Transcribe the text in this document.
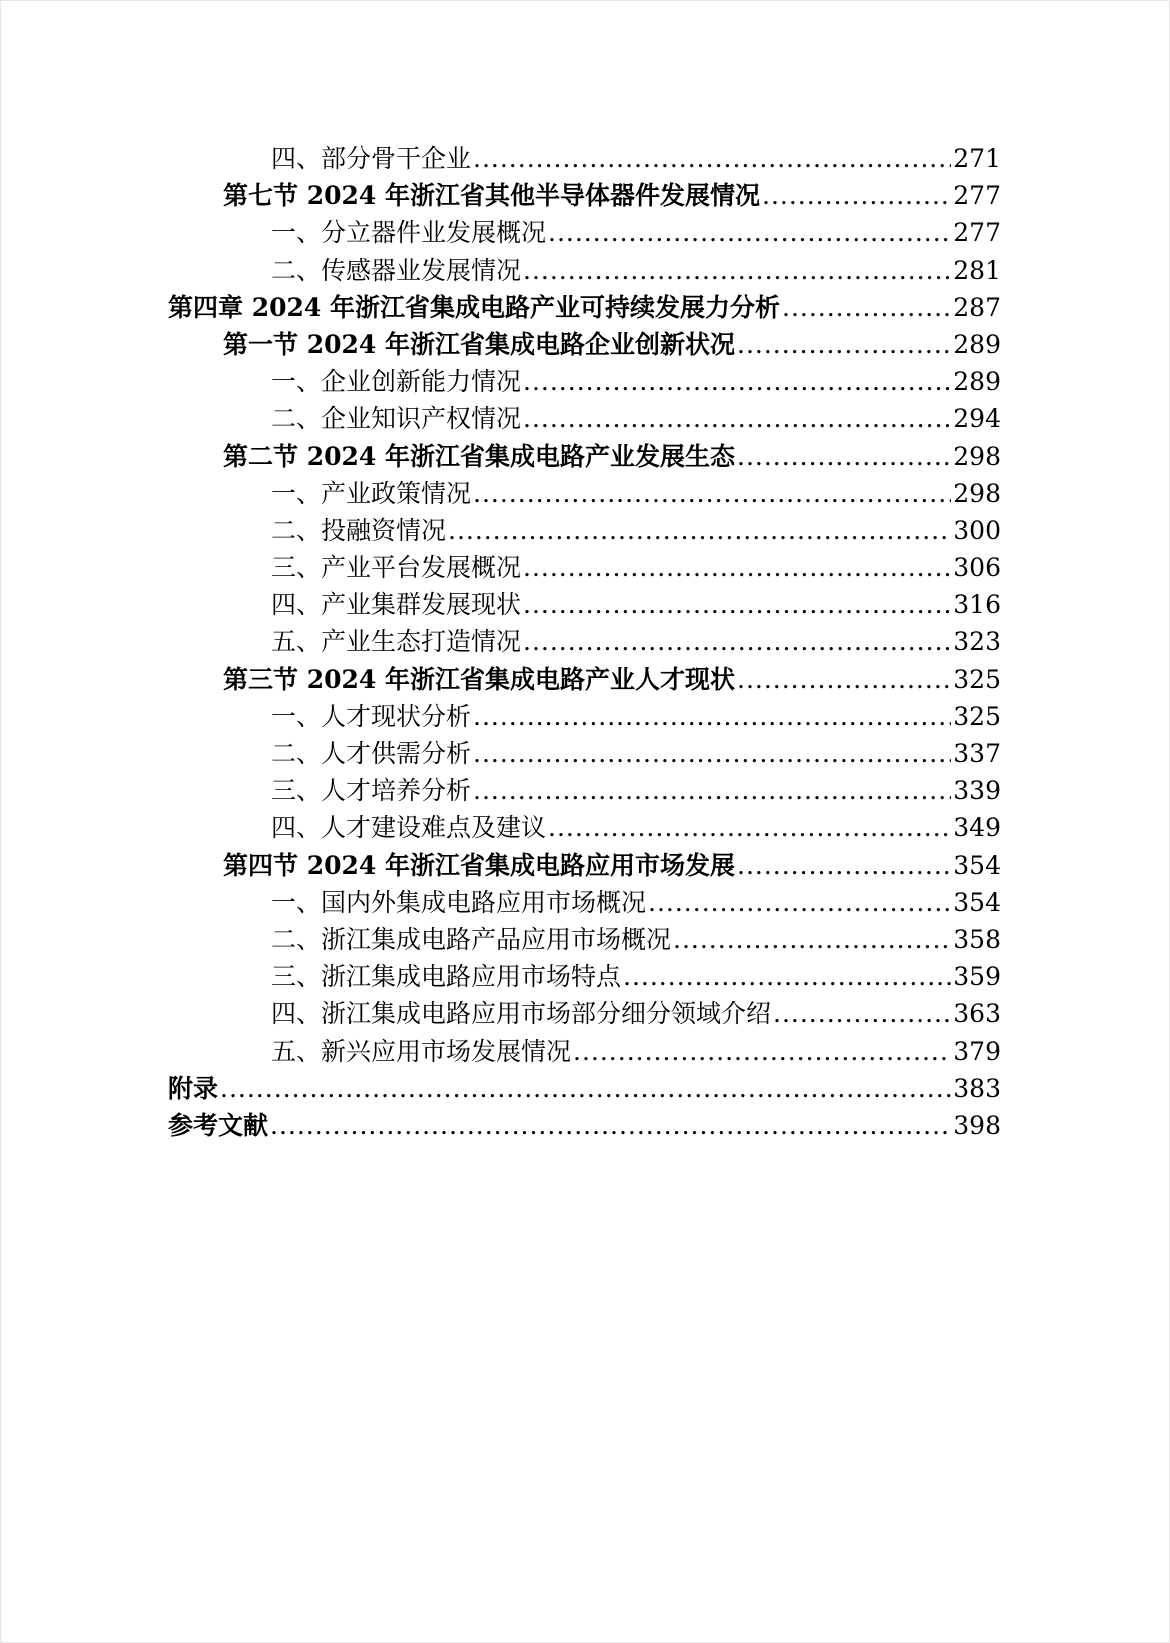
四、部分骨干企业 .....	271
第七节 2024 年浙江省其他半导体器件发展情况 .....	277
一、分立器件业发展概况 .....	277
二、传感器业发展情况 .....	281
第四章 2024 年浙江省集成电路产业可持续发展力分析 .....	287
第一节 2024 年浙江省集成电路企业创新状况 .....	289
一、企业创新能力情况 .....	289
二、企业知识产权情况 .....	294
第二节 2024 年浙江省集成电路产业发展生态 .....	298
一、产业政策情况 .....	298
二、投融资情况 .....	300
三、产业平台发展概况 .....	306
四、产业集群发展现状 .....	316
五、产业生态打造情况 .....	323
第三节 2024 年浙江省集成电路产业人才现状 .....	325
一、人才现状分析 .....	325
二、人才供需分析 .....	337
三、人才培养分析 .....	339
四、人才建设难点及建议 .....	349
第四节 2024 年浙江省集成电路应用市场发展 .....	354
一、国内外集成电路应用市场概况 .....	354
二、浙江集成电路产品应用市场概况 .....	358
三、浙江集成电路应用市场特点 .....	359
四、浙江集成电路应用市场部分细分领域介绍 .....	363
五、新兴应用市场发展情况 .....	379
附录 .....	383
参考文献 .....	398
